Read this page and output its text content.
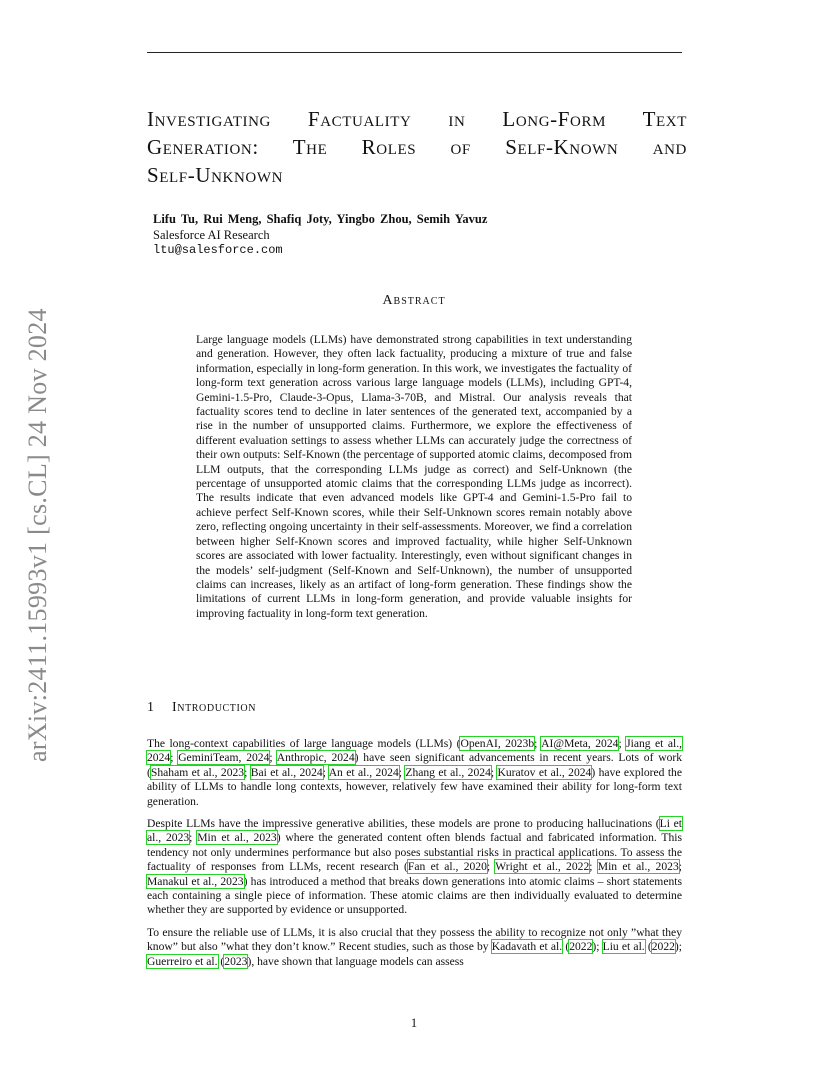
arXiv:2411.15993v1 [cs.CL] 24 Nov 2024
Investigating Factuality in Long-Form Text
Generation: The Roles of Self-Known and
Self-Unknown
Lifu Tu, Rui Meng, Shafiq Joty, Yingbo Zhou, Semih Yavuz
Salesforce AI Research
ltu@salesforce.com
Abstract

Large language models (LLMs) have demonstrated strong capabilities in text understanding and generation. However, they often lack factuality, producing a mixture of true and false information, especially in long-form generation. In this work, we investigates the factuality of long-form text generation across various large language models (LLMs), including GPT-4, Gemini-1.5-Pro, Claude-3-Opus, Llama-3-70B, and Mistral. Our analysis reveals that factuality scores tend to decline in later sentences of the generated text, accompanied by a rise in the number of unsupported claims. Furthermore, we explore the effectiveness of different evaluation settings to assess whether LLMs can accurately judge the correctness of their own outputs: Self-Known (the percentage of supported atomic claims, decomposed from LLM outputs, that the corresponding LLMs judge as correct) and Self-Unknown (the percentage of unsupported atomic claims that the corresponding LLMs judge as incorrect). The results indicate that even advanced models like GPT-4 and Gemini-1.5-Pro fail to achieve perfect Self-Known scores, while their Self-Unknown scores remain notably above zero, reflecting ongoing uncertainty in their self-assessments. Moreover, we find a correlation between higher Self-Known scores and improved factuality, while higher Self-Unknown scores are associated with lower factuality. Interestingly, even without significant changes in the models’ self-judgment (Self-Known and Self-Unknown), the number of unsupported claims can increases, likely as an artifact of long-form generation. These findings show the limitations of current LLMs in long-form generation, and provide valuable insights for improving factuality in long-form text generation.

1 Introduction

The long-context capabilities of large language models (LLMs) (OpenAI, 2023b; AI@Meta, 2024; Jiang et al., 2024; GeminiTeam, 2024; Anthropic, 2024) have seen significant advancements in recent years. Lots of work (Shaham et al., 2023; Bai et al., 2024; An et al., 2024; Zhang et al., 2024; Kuratov et al., 2024) have explored the ability of LLMs to handle long contexts, however, relatively few have examined their ability for long-form text generation.

Despite LLMs have the impressive generative abilities, these models are prone to producing hallucinations (Li et al., 2023; Min et al., 2023) where the generated content often blends factual and fabricated information. This tendency not only undermines performance but also poses substantial risks in practical applications. To assess the factuality of responses from LLMs, recent research (Fan et al., 2020; Wright et al., 2022; Min et al., 2023; Manakul et al., 2023) has introduced a method that breaks down generations into atomic claims – short statements each containing a single piece of information. These atomic claims are then individually evaluated to determine whether they are supported by evidence or unsupported.

To ensure the reliable use of LLMs, it is also crucial that they possess the ability to recognize not only ”what they know” but also ”what they don’t know.” Recent studies, such as those by Kadavath et al. (2022); Liu et al. (2022); Guerreiro et al. (2023), have shown that language models can assess

1
